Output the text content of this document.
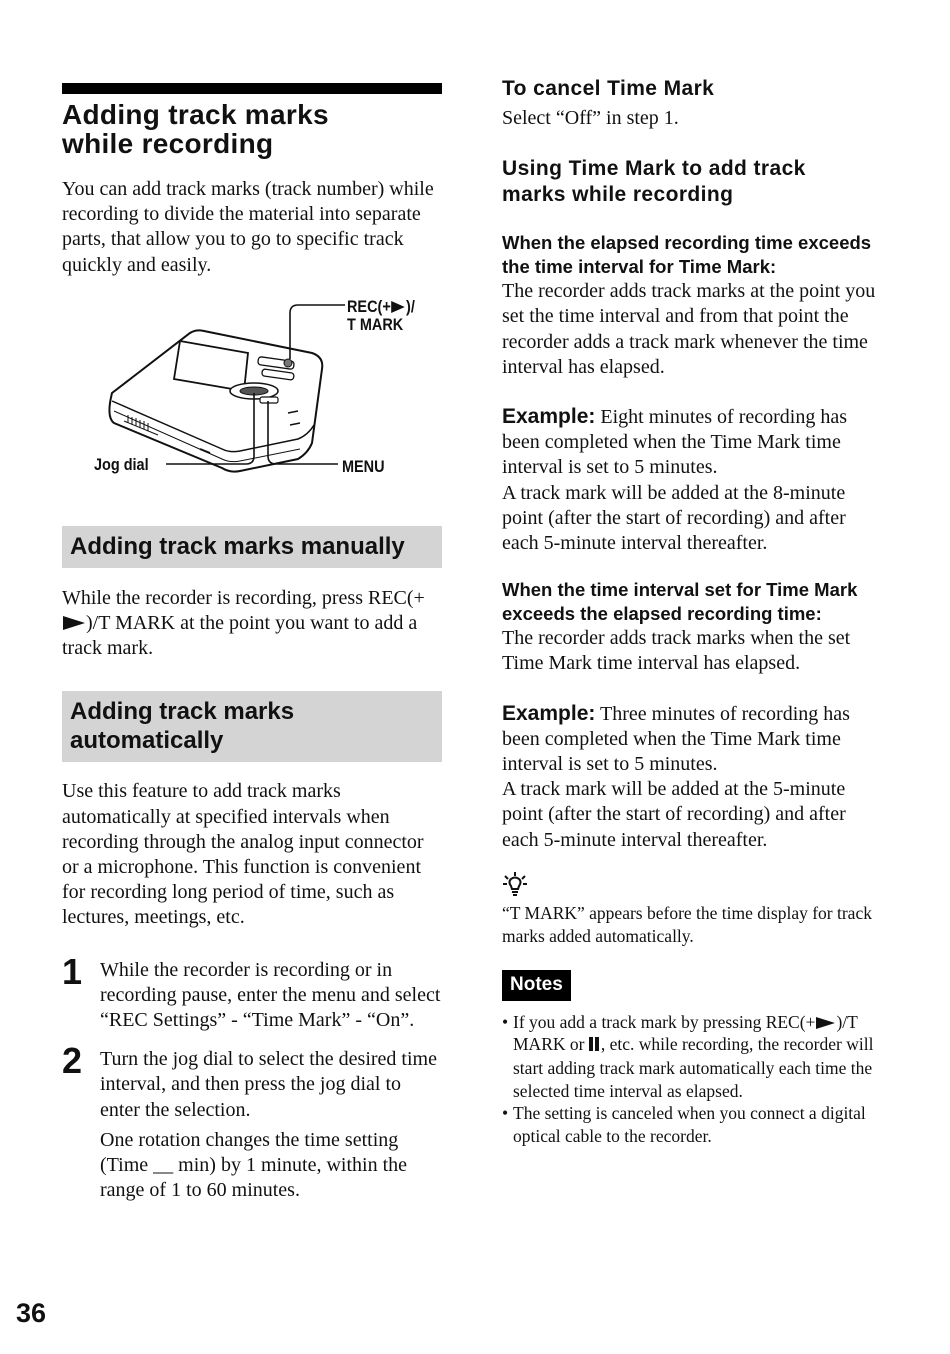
Adding track marks
while recording

You can add track marks (track number) while recording to divide the material into separate parts, that allow you to go to specific track quickly and easily.

REC(+ )/
T MARK
Jog dial	MENU
Adding track marks manually

While the recorder is recording, press REC(+)/T MARK at the point you want to add a track mark.

Adding track marks
automatically

Use this feature to add track marks automatically at specified intervals when recording through the analog input connector or a microphone. This function is convenient for recording long period of time, such as lectures, meetings, etc.

1 While the recorder is recording or in recording pause, enter the menu and select “REC Settings” - “Time Mark” - “On”.

2 Turn the jog dial to select the desired time interval, and then press the jog dial to enter the selection.

One rotation changes the time setting (Time __ min) by 1 minute, within the range of 1 to 60 minutes.

To cancel Time Mark

Select “Off” in step 1.

Using Time Mark to add track
marks while recording
When the elapsed recording time exceeds the time interval for Time Mark:

The recorder adds track marks at the point you set the time interval and from that point the recorder adds a track mark whenever the time interval has elapsed.

Example: Eight minutes of recording has been completed when the Time Mark time interval is set to 5 minutes.
A track mark will be added at the 8-minute point (after the start of recording) and after each 5-minute interval thereafter.

When the time interval set for Time Mark exceeds the elapsed recording time:

The recorder adds track marks when the set Time Mark time interval has elapsed.

Example: Three minutes of recording has been completed when the Time Mark time interval is set to 5 minutes.
A track mark will be added at the 5-minute point (after the start of recording) and after each 5-minute interval thereafter.

“T MARK” appears before the time display for track marks added automatically.

Notes
• If you add a track mark by pressing REC(+ )/T MARK or , etc. while recording, the recorder will start adding track mark automatically each time the selected time interval as elapsed.
• The setting is canceled when you connect a digital optical cable to the recorder.
36
